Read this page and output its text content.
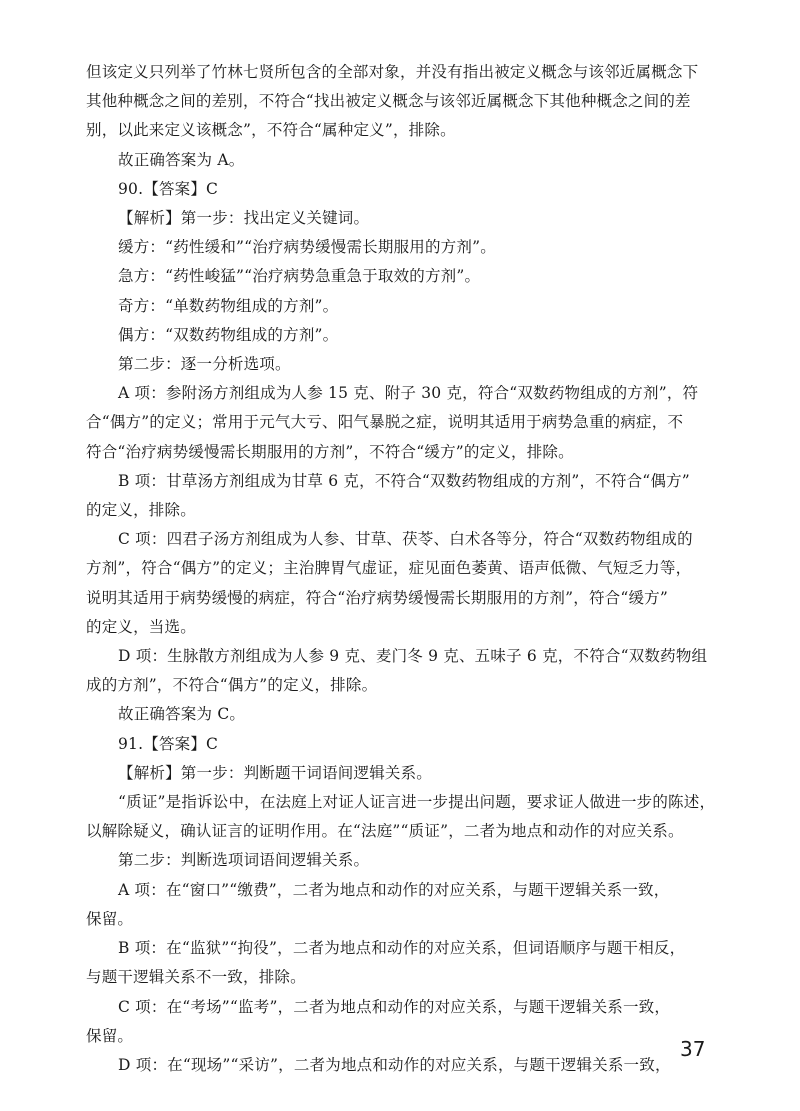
但该定义只列举了竹林七贤所包含的全部对象，并没有指出被定义概念与该邻近属概念下
其他种概念之间的差别，不符合“找出被定义概念与该邻近属概念下其他种概念之间的差
别，以此来定义该概念”，不符合“属种定义”，排除。
故正确答案为 A。
90.【答案】C
【解析】第一步：找出定义关键词。
缓方：“药性缓和”“治疗病势缓慢需长期服用的方剂”。
急方：“药性峻猛”“治疗病势急重急于取效的方剂”。
奇方：“单数药物组成的方剂”。
偶方：“双数药物组成的方剂”。
第二步：逐一分析选项。
A 项：参附汤方剂组成为人参 15 克、附子 30 克，符合“双数药物组成的方剂”，符
合“偶方”的定义；常用于元气大亏、阳气暴脱之症，说明其适用于病势急重的病症，不
符合“治疗病势缓慢需长期服用的方剂”，不符合“缓方”的定义，排除。
B 项：甘草汤方剂组成为甘草 6 克，不符合“双数药物组成的方剂”，不符合“偶方”
的定义，排除。
C 项：四君子汤方剂组成为人参、甘草、茯苓、白术各等分，符合“双数药物组成的
方剂”，符合“偶方”的定义；主治脾胃气虚证，症见面色萎黄、语声低微、气短乏力等，
说明其适用于病势缓慢的病症，符合“治疗病势缓慢需长期服用的方剂”，符合“缓方”
的定义，当选。
D 项：生脉散方剂组成为人参 9 克、麦门冬 9 克、五味子 6 克，不符合“双数药物组
成的方剂”，不符合“偶方”的定义，排除。
故正确答案为 C。
91.【答案】C
【解析】第一步：判断题干词语间逻辑关系。
“质证”是指诉讼中，在法庭上对证人证言进一步提出问题，要求证人做进一步的陈述，
以解除疑义，确认证言的证明作用。在“法庭”“质证”，二者为地点和动作的对应关系。
第二步：判断选项词语间逻辑关系。
A 项：在“窗口”“缴费”，二者为地点和动作的对应关系，与题干逻辑关系一致，
保留。
B 项：在“监狱”“拘役”，二者为地点和动作的对应关系，但词语顺序与题干相反，
与题干逻辑关系不一致，排除。
C 项：在“考场”“监考”，二者为地点和动作的对应关系，与题干逻辑关系一致，
保留。
D 项：在“现场”“采访”，二者为地点和动作的对应关系，与题干逻辑关系一致，
37
